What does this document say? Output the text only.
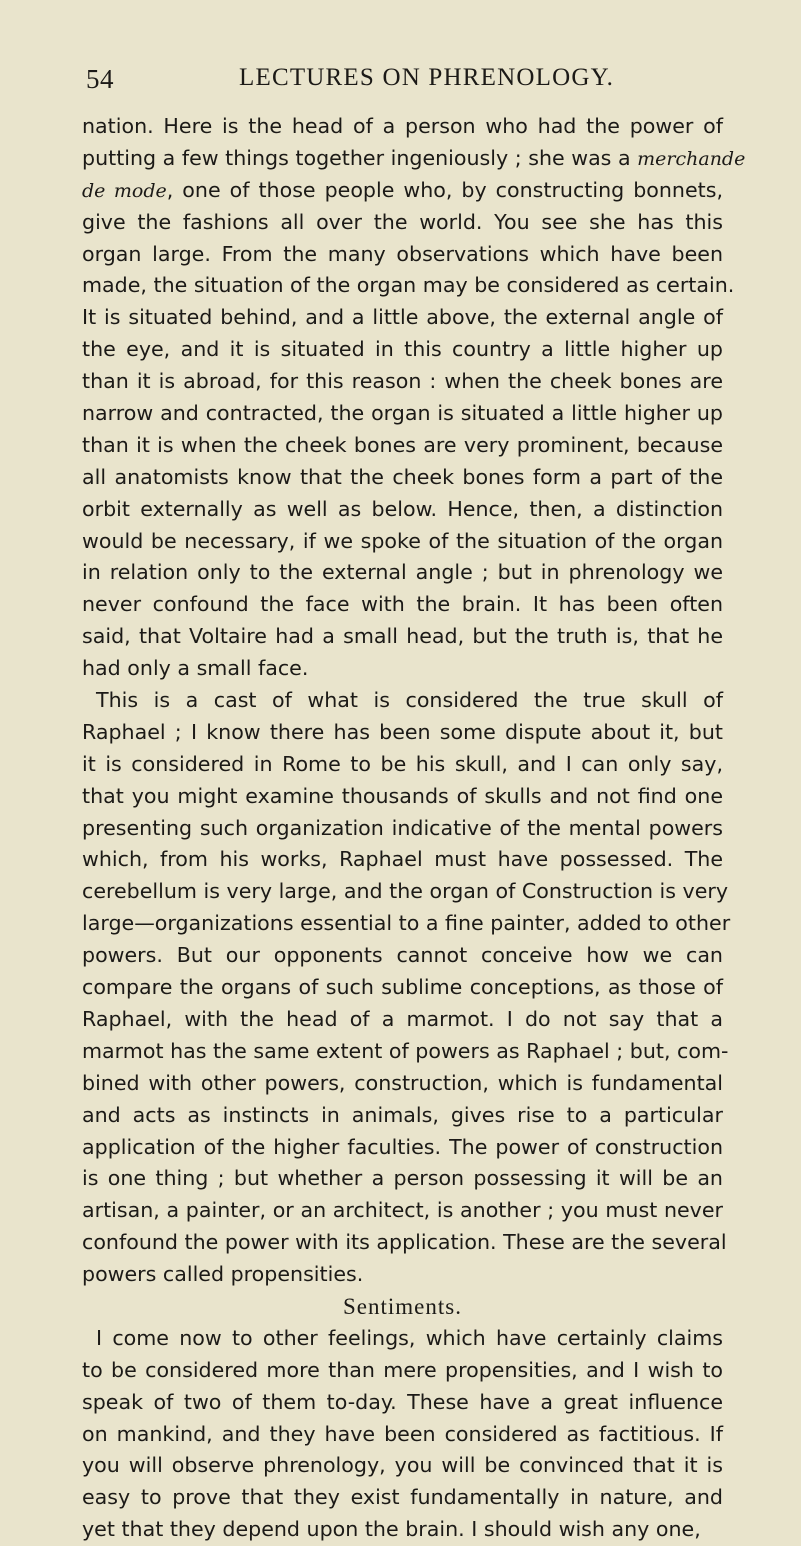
54	LECTURES ON PHRENOLOGY.
nation. Here is the head of a person who had the power of
putting a few things together ingeniously ; she was a merchande
de mode, one of those people who, by constructing bonnets,
give the fashions all over the world. You see she has this
organ large. From the many observations which have been
made, the situation of the organ may be considered as certain.
It is situated behind, and a little above, the external angle of
the eye, and it is situated in this country a little higher up
than it is abroad, for this reason : when the cheek bones are
narrow and contracted, the organ is situated a little higher up
than it is when the cheek bones are very prominent, because
all anatomists know that the cheek bones form a part of the
orbit externally as well as below. Hence, then, a distinction
would be necessary, if we spoke of the situation of the organ
in relation only to the external angle ; but in phrenology we
never confound the face with the brain. It has been often
said, that Voltaire had a small head, but the truth is, that he
had only a small face.
This is a cast of what is considered the true skull of
Raphael ; I know there has been some dispute about it, but
it is considered in Rome to be his skull, and I can only say,
that you might examine thousands of skulls and not find one
presenting such organization indicative of the mental powers
which, from his works, Raphael must have possessed. The
cerebellum is very large, and the organ of Construction is very
large—organizations essential to a fine painter, added to other
powers. But our opponents cannot conceive how we can
compare the organs of such sublime conceptions, as those of
Raphael, with the head of a marmot. I do not say that a
marmot has the same extent of powers as Raphael ; but, com-
bined with other powers, construction, which is fundamental
and acts as instincts in animals, gives rise to a particular
application of the higher faculties. The power of construction
is one thing ; but whether a person possessing it will be an
artisan, a painter, or an architect, is another ; you must never
confound the power with its application. These are the several
powers called propensities.
Sentiments.
I come now to other feelings, which have certainly claims
to be considered more than mere propensities, and I wish to
speak of two of them to-day. These have a great influence
on mankind, and they have been considered as factitious. If
you will observe phrenology, you will be convinced that it is
easy to prove that they exist fundamentally in nature, and
yet that they depend upon the brain. I should wish any one,
